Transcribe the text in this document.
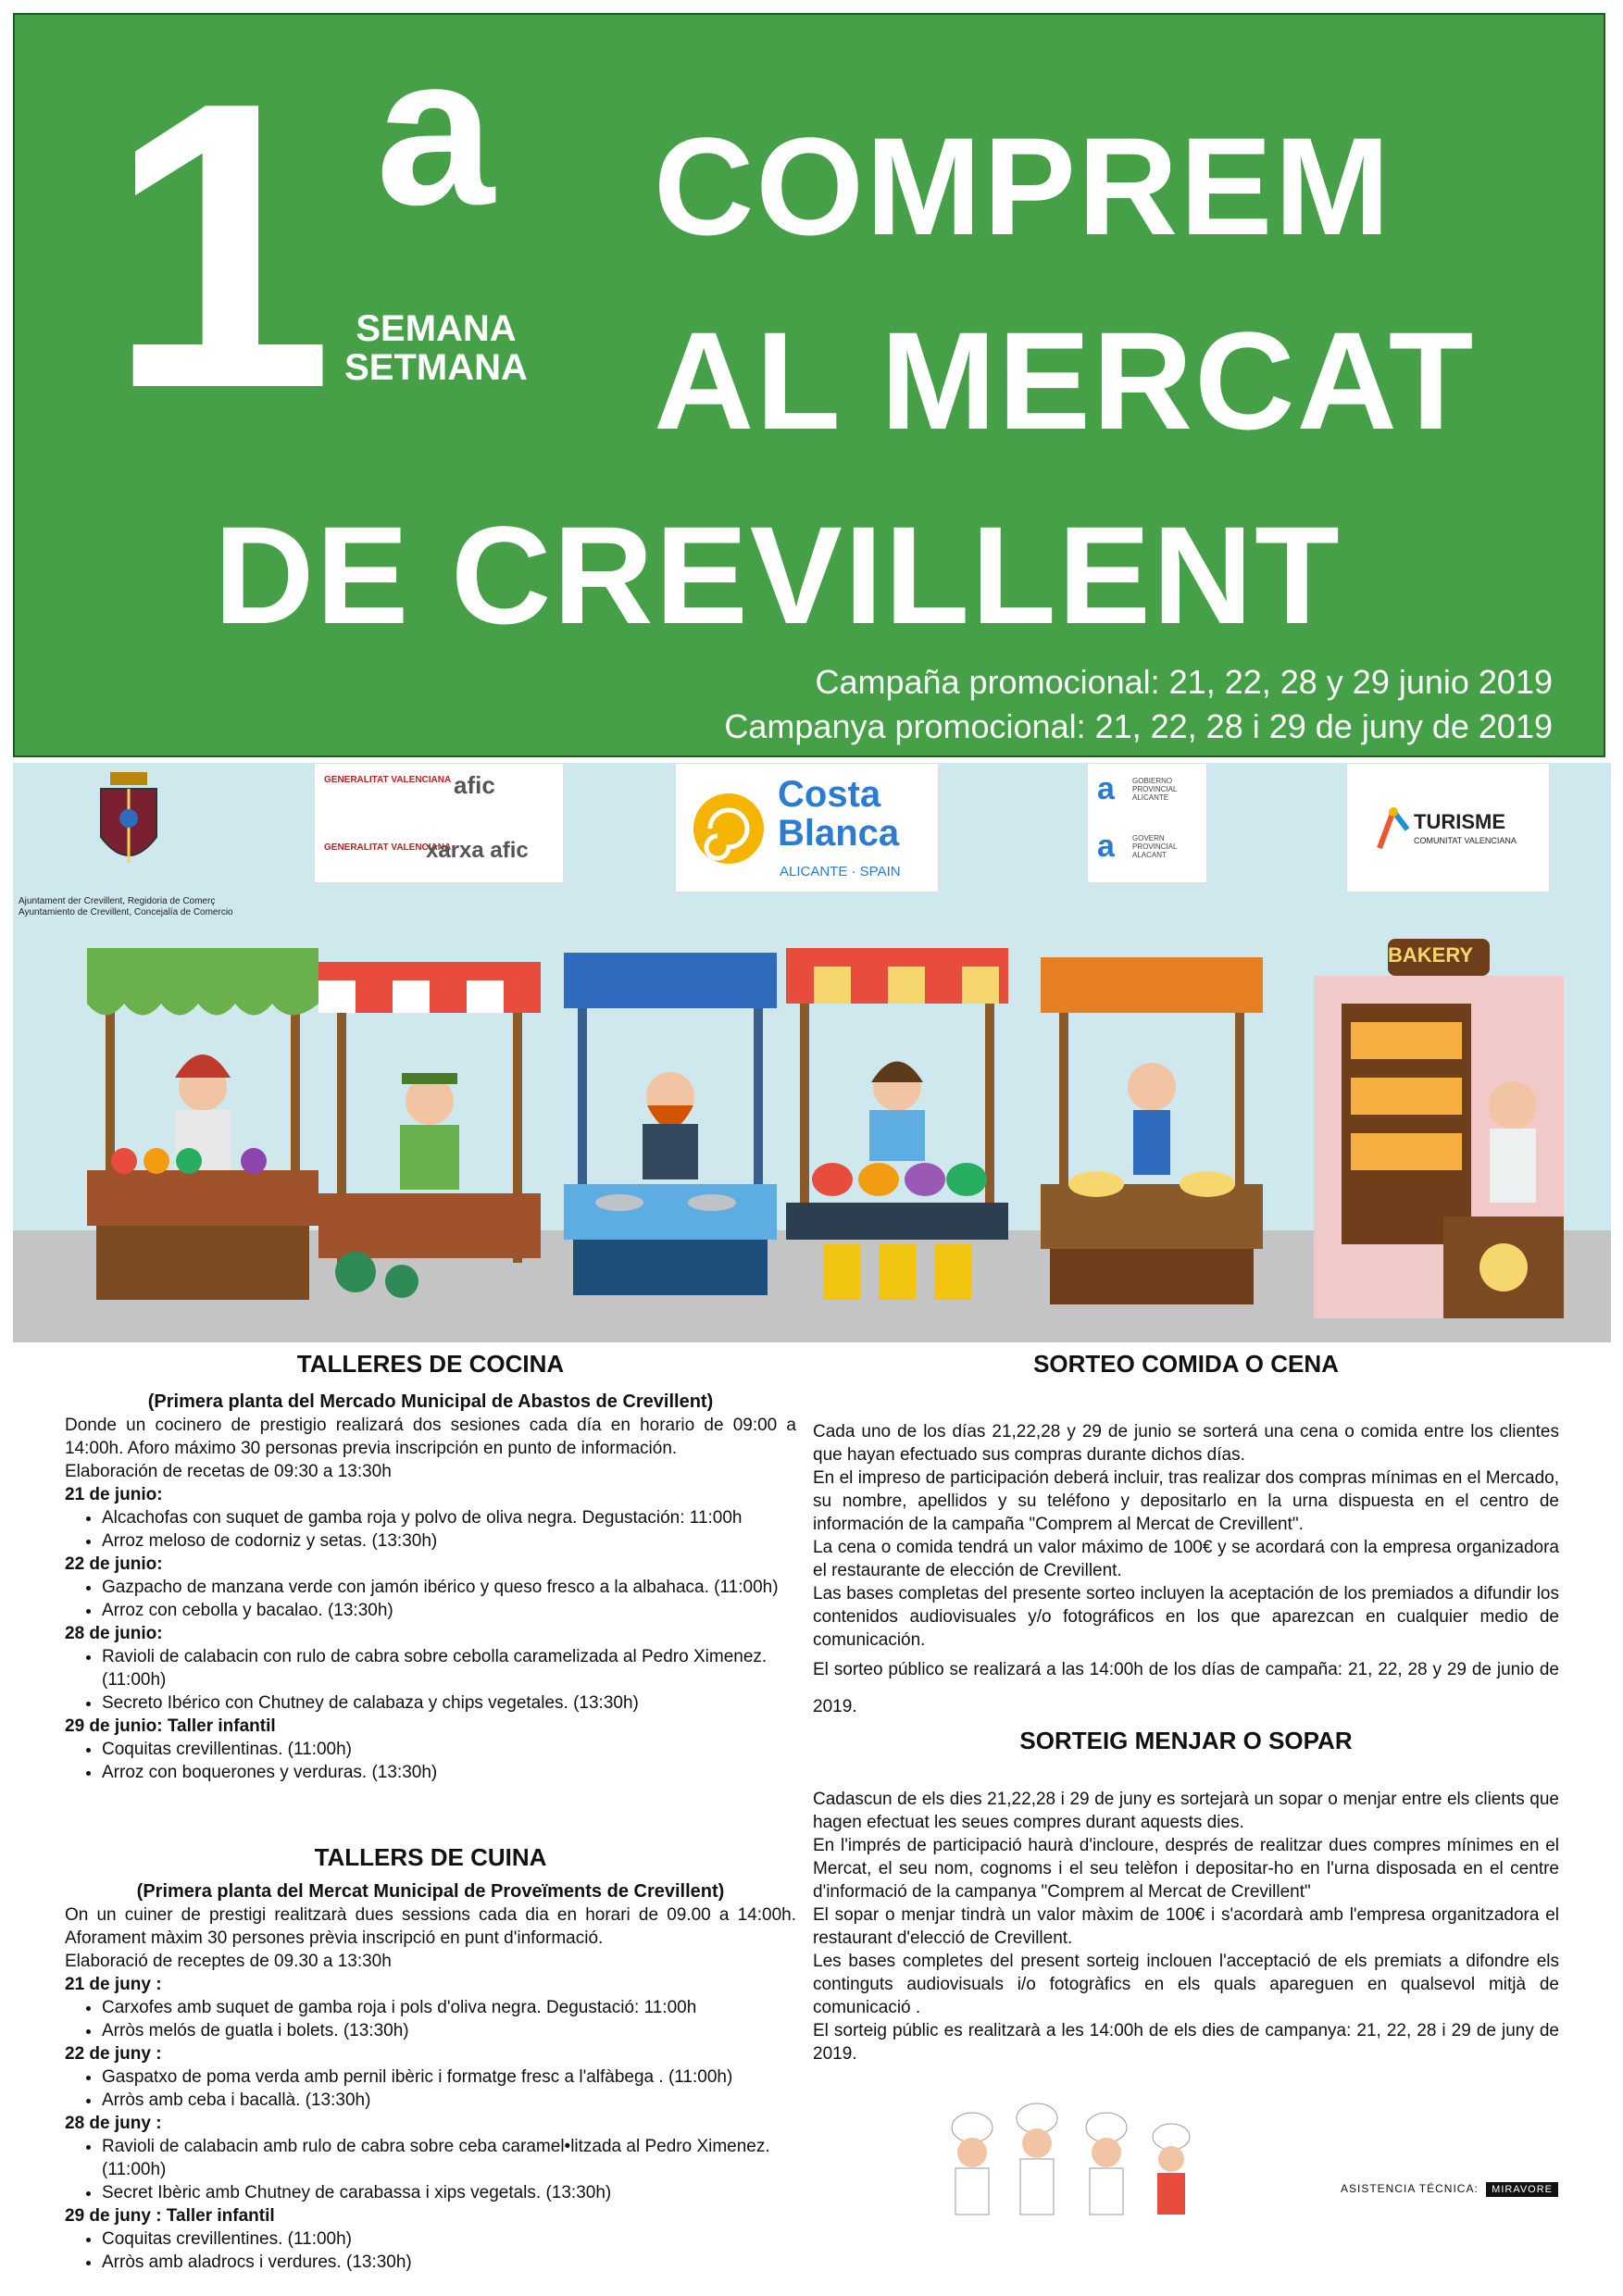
1 a
SEMANA
SETMANA
COMPREM
AL MERCAT
DE CREVILLENT
Campaña promocional: 21, 22, 28 y 29 junio 2019
Campanya promocional: 21, 22, 28 i 29 de juny de 2019
Ajuntament der Crevillent, Regidoria de Comerç
Ayuntamiento de Crevillent, Concejalía de Comercio
GENERALITAT VALENCIANA afic
GENERALITAT VALENCIANA
xarxa afic
Costa
Blanca
ALICANTE · SPAIN
a GOBIERNO PROVINCIAL ALICANTE
a GOVERN PROVINCIAL ALACANT
TURISME
COMUNITAT VALENCIANA
BAKERY
TALLERES DE COCINA
(Primera planta del Mercado Municipal de Abastos de Crevillent)
Donde un cocinero de prestigio realizará dos sesiones cada día en horario de 09:00 a 14:00h. Aforo máximo 30 personas previa inscripción en punto de información.
Elaboración de recetas de 09:30 a 13:30h
21 de junio:
• Alcachofas con suquet de gamba roja y polvo de oliva negra. Degustación: 11:00h
• Arroz meloso de codorniz y setas. (13:30h)
22 de junio:
• Gazpacho de manzana verde con jamón ibérico y queso fresco a la albahaca. (11:00h)
• Arroz con cebolla y bacalao. (13:30h)
28 de junio:
• Ravioli de calabacin con rulo de cabra sobre cebolla caramelizada al Pedro Ximenez. (11:00h)
• Secreto Ibérico con Chutney de calabaza y chips vegetales. (13:30h)
29 de junio: Taller infantil
• Coquitas crevillentinas. (11:00h)
• Arroz con boquerones y verduras. (13:30h)
TALLERS DE CUINA
(Primera planta del Mercat Municipal de Proveïments de Crevillent)
On un cuiner de prestigi realitzarà dues sessions cada dia en horari de 09.00 a 14:00h. Aforament màxim 30 persones prèvia inscripció en punt d'informació.
Elaboració de receptes de 09.30 a 13:30h
21 de juny :
• Carxofes amb suquet de gamba roja i pols d'oliva negra. Degustació: 11:00h
• Arròs melós de guatla i bolets. (13:30h)
22 de juny :
• Gaspatxo de poma verda amb pernil ibèric i formatge fresc a l'alfàbega . (11:00h)
• Arròs amb ceba i bacallà. (13:30h)
28 de juny :
• Ravioli de calabacin amb rulo de cabra sobre ceba caramel•litzada al Pedro Ximenez. (11:00h)
• Secret Ibèric amb Chutney de carabassa i xips vegetals. (13:30h)
29 de juny : Taller infantil
• Coquitas crevillentines. (11:00h)
• Arròs amb aladrocs i verdures. (13:30h)
SORTEO COMIDA O CENA
Cada uno de los días 21,22,28 y 29 de junio se sorterá una cena o comida entre los clientes que hayan efectuado sus compras durante dichos días.
En el impreso de participación deberá incluir, tras realizar dos compras mínimas en el Mercado, su nombre, apellidos y su teléfono y depositarlo en la urna dispuesta en el centro de información de la campaña "Comprem al Mercat de Crevillent".
La cena o comida tendrá un valor máximo de 100€ y se acordará con la empresa organizadora el restaurante de elección de Crevillent.
Las bases completas del presente sorteo incluyen la aceptación de los premiados a difundir los contenidos audiovisuales y/o fotográficos en los que aparezcan en cualquier medio de comunicación.
El sorteo público se realizará a las 14:00h de los días de campaña: 21, 22, 28 y 29 de junio de 2019.
SORTEIG MENJAR O SOPAR
Cadascun de els dies 21,22,28 i 29 de juny es sortejarà un sopar o menjar entre els clients que hagen efectuat les seues compres durant aquests dies.
En l'imprés de participació haurà d'incloure, després de realitzar dues compres mínimes en el Mercat, el seu nom, cognoms i el seu telèfon i depositar-ho en l'urna disposada en el centre d'informació de la campanya "Comprem al Mercat de Crevillent"
El sopar o menjar tindrà un valor màxim de 100€ i s'acordarà amb l'empresa organitzadora el restaurant d'elecció de Crevillent.
Les bases completes del present sorteig inclouen l'acceptació de els premiats a difondre els continguts audiovisuals i/o fotogràfics en els quals apareguen en qualsevol mitjà de comunicació .
El sorteig públic es realitzarà a les 14:00h de els dies de campanya: 21, 22, 28 i 29 de juny de 2019.
ASISTENCIA TÉCNICA: MIRAVORE
